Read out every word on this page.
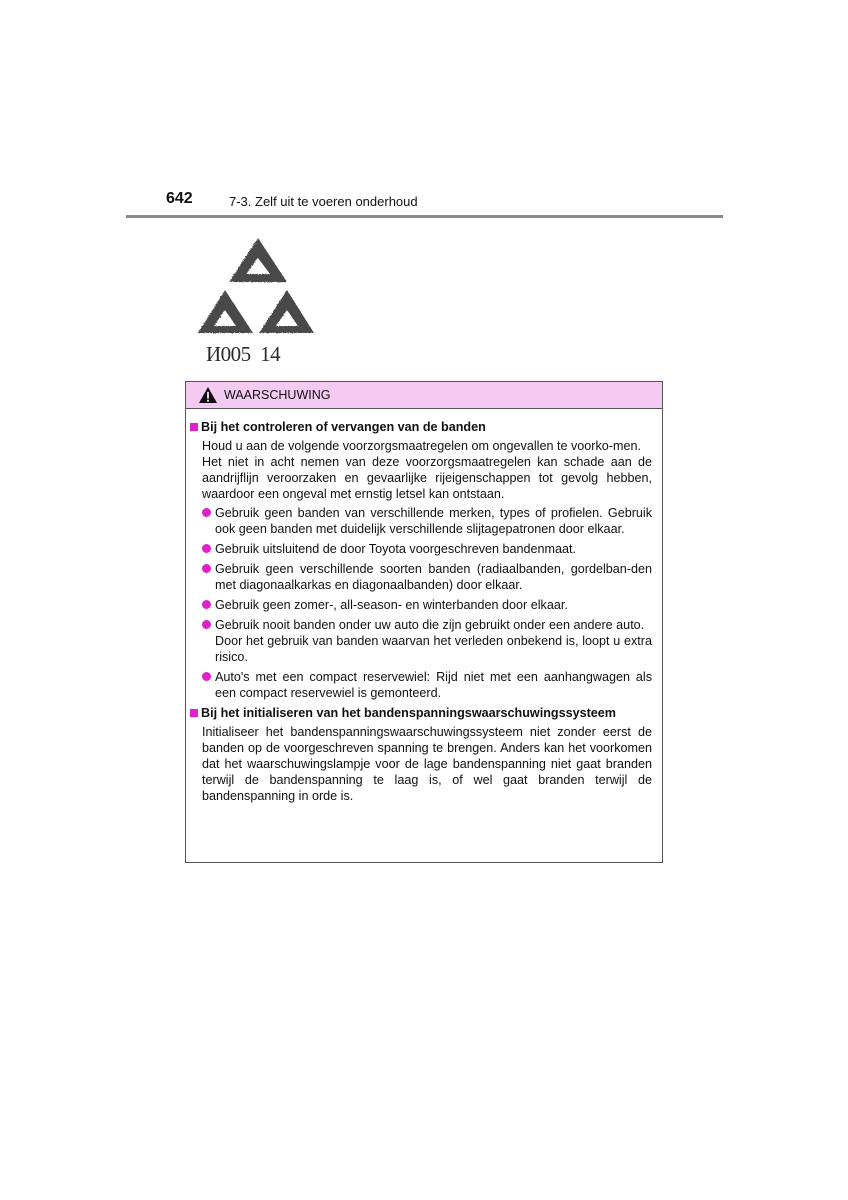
642	7-3. Zelf uit te voeren onderhoud
И005  14
WAARSCHUWING
Bij het controleren of vervangen van de banden

Houd u aan de volgende voorzorgsmaatregelen om ongevallen te voorko-men.

Het niet in acht nemen van deze voorzorgsmaatregelen kan schade aan de aandrijflijn veroorzaken en gevaarlijke rijeigenschappen tot gevolg hebben, waardoor een ongeval met ernstig letsel kan ontstaan.

Gebruik geen banden van verschillende merken, types of profielen. Gebruik ook geen banden met duidelijk verschillende slijtagepatronen door elkaar.
Gebruik uitsluitend de door Toyota voorgeschreven bandenmaat.
Gebruik geen verschillende soorten banden (radiaalbanden, gordelban-den met diagonaalkarkas en diagonaalbanden) door elkaar.
Gebruik geen zomer-, all-season- en winterbanden door elkaar.
Gebruik nooit banden onder uw auto die zijn gebruikt onder een andere auto.
Door het gebruik van banden waarvan het verleden onbekend is, loopt u extra risico.
Auto's met een compact reservewiel: Rijd niet met een aanhangwagen als een compact reservewiel is gemonteerd.
Bij het initialiseren van het bandenspanningswaarschuwingssysteem

Initialiseer het bandenspanningswaarschuwingssysteem niet zonder eerst de banden op de voorgeschreven spanning te brengen. Anders kan het voorkomen dat het waarschuwingslampje voor de lage bandenspanning niet gaat branden terwijl de bandenspanning te laag is, of wel gaat branden terwijl de bandenspanning in orde is.
